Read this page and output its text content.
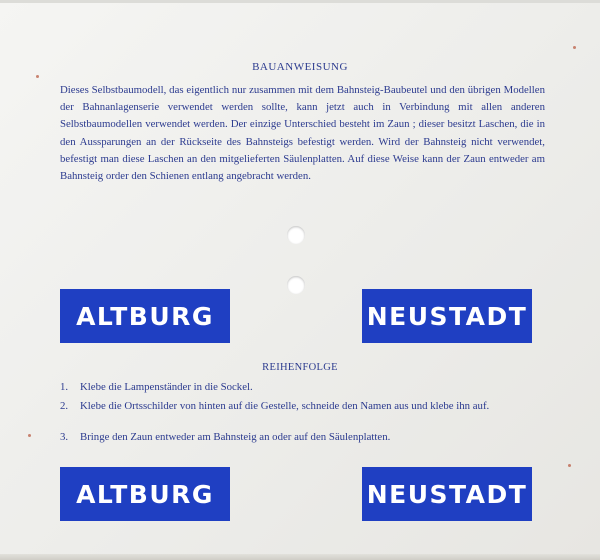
BAUANWEISUNG

Dieses Selbstbaumodell, das eigentlich nur zusammen mit dem Bahnsteig-Baubeutel und den übrigen Modellen der Bahnanlagenserie verwendet werden sollte, kann jetzt auch in Verbindung mit allen anderen Selbstbaumodellen verwendet werden. Der einzige Unterschied besteht im Zaun ; dieser besitzt Laschen, die in den Aussparungen an der Rückseite des Bahnsteigs befestigt werden. Wird der Bahnsteig nicht verwendet, befestigt man diese Laschen an den mitgelieferten Säulenplatten. Auf diese Weise kann der Zaun entweder am Bahnsteig order den Schienen entlang angebracht werden.

ALTBURG	NEUSTADT
REIHENFOLGE
1.	Klebe die Lampenständer in die Sockel.
2.	Klebe die Ortsschilder von hinten auf die Gestelle, schneide den Namen aus und klebe ihn auf.
3.	Bringe den Zaun entweder am Bahnsteig an oder auf den Säulenplatten.
ALTBURG	NEUSTADT
